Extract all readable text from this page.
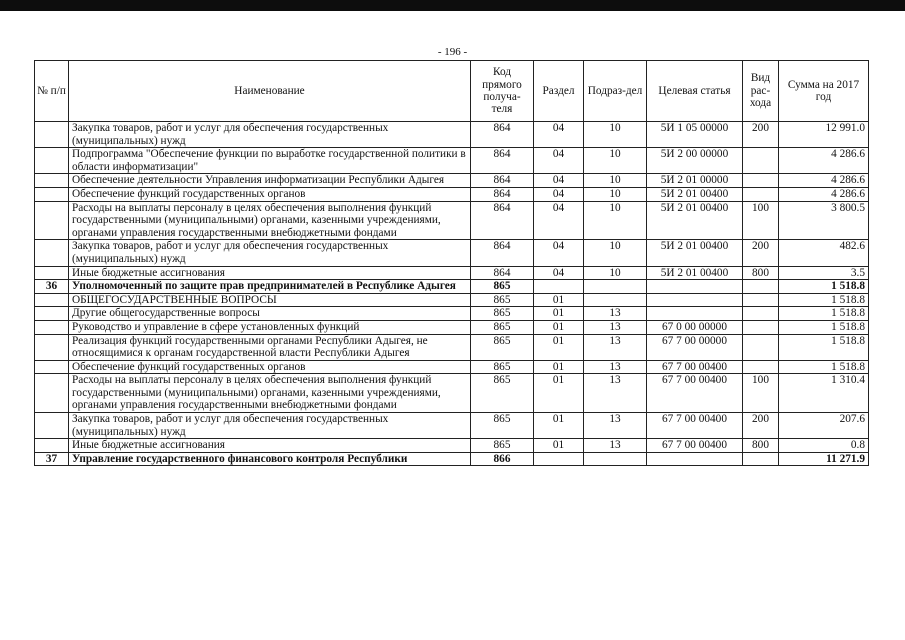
- 196 -
№ п/п	Наименование	Код прямого получа-теля	Раздел	Подраз-дел	Целевая статья	Вид рас-хода	Сумма на 2017 год
	Закупка товаров, работ и услуг для обеспечения государственных (муниципальных) нужд	864	04	10	5И 1 05 00000	200	12 991.0
	Подпрограмма "Обеспечение функции по выработке государственной политики в области информатизации"	864	04	10	5И 2 00 00000		4 286.6
	Обеспечение деятельности Управления информатизации Республики Адыгея	864	04	10	5И 2 01 00000		4 286.6
	Обеспечение функций государственных органов	864	04	10	5И 2 01 00400		4 286.6
	Расходы на выплаты персоналу в целях обеспечения выполнения функций государственными (муниципальными) органами, казенными учреждениями, органами управления государственными внебюджетными фондами	864	04	10	5И 2 01 00400	100	3 800.5
	Закупка товаров, работ и услуг для обеспечения государственных (муниципальных) нужд	864	04	10	5И 2 01 00400	200	482.6
	Иные бюджетные ассигнования	864	04	10	5И 2 01 00400	800	3.5
36	Уполномоченный по защите прав предпринимателей в Республике Адыгея	865					1 518.8
	ОБЩЕГОСУДАРСТВЕННЫЕ ВОПРОСЫ	865	01				1 518.8
	Другие общегосударственные вопросы	865	01	13			1 518.8
	Руководство и управление в сфере установленных функций	865	01	13	67 0 00 00000		1 518.8
	Реализация функций государственными органами Республики Адыгея, не относящимися к органам государственной власти Республики Адыгея	865	01	13	67 7 00 00000		1 518.8
	Обеспечение функций государственных органов	865	01	13	67 7 00 00400		1 518.8
	Расходы на выплаты персоналу в целях обеспечения выполнения функций государственными (муниципальными) органами, казенными учреждениями, органами управления государственными внебюджетными фондами	865	01	13	67 7 00 00400	100	1 310.4
	Закупка товаров, работ и услуг для обеспечения государственных (муниципальных) нужд	865	01	13	67 7 00 00400	200	207.6
	Иные бюджетные ассигнования	865	01	13	67 7 00 00400	800	0.8
37	Управление государственного финансового контроля Республики	866					11 271.9
